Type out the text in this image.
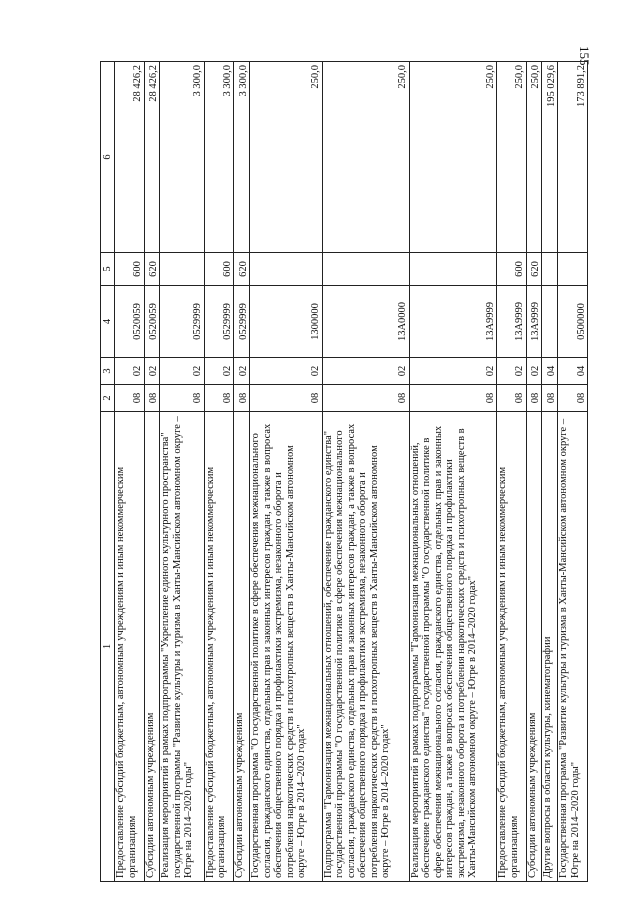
155
1	2	3	4	5	6
Предоставление субсидий бюджетным, автономным учреждениям и иным некоммерческим организациям	08	02	0520059	600	28 426,2
Субсидии автономным учреждениям	08	02	0520059	620	28 426,2
Реализация мероприятий в рамках подпрограммы "Укрепление единого культурного пространства" государственной программы "Развитие культуры и туризма в Ханты-Мансийском автономном округе – Югре на 2014–2020 годы"	08	02	0529999		3 300,0
Предоставление субсидий бюджетным, автономным учреждениям и иным некоммерческим организациям	08	02	0529999	600	3 300,0
Субсидии автономным учреждениям	08	02	0529999	620	3 300,0
Государственная программа "О государственной политике в сфере обеспечения межнационального согласия, гражданского единства, отдельных прав и законных интересов граждан, а также в вопросах обеспечения общественного порядка и профилактики экстремизма, незаконного оборота и потребления наркотических средств и психотропных веществ в Ханты-Мансийском автономном округе – Югре в 2014–2020 годах"	08	02	1300000		250,0
Подпрограмма "Гармонизация межнациональных отношений, обеспечение гражданского единства" государственной программы "О государственной политике в сфере обеспечения межнационального согласия, гражданского единства, отдельных прав и законных интересов граждан, а также в вопросах обеспечения общественного порядка и профилактики экстремизма, незаконного оборота и потребления наркотических средств и психотропных веществ в Ханты-Мансийском автономном округе – Югре в 2014–2020 годах"	08	02	13А0000		250,0
Реализация мероприятий в рамках подпрограммы "Гармонизация межнациональных отношений, обеспечение гражданского единства" государственной программы "О государственной политике в сфере обеспечения межнационального согласия, гражданского единства, отдельных прав и законных интересов граждан, а также в вопросах обеспечения общественного порядка и профилактики экстремизма, незаконного оборота и потребления наркотических средств и психотропных веществ в Ханты-Мансийском автономном округе – Югре в 2014–2020 годах"	08	02	13А9999		250,0
Предоставление субсидий бюджетным, автономным учреждениям и иным некоммерческим организациям	08	02	13А9999	600	250,0
Субсидии автономным учреждениям	08	02	13А9999	620	250,0
Другие вопросы в области культуры, кинематографии	08	04			195 029,6
Государственная программа "Развитие культуры и туризма в Ханты-Мансийском автономном округе – Югре на 2014–2020 годы"	08	04	0500000		173 891,2
